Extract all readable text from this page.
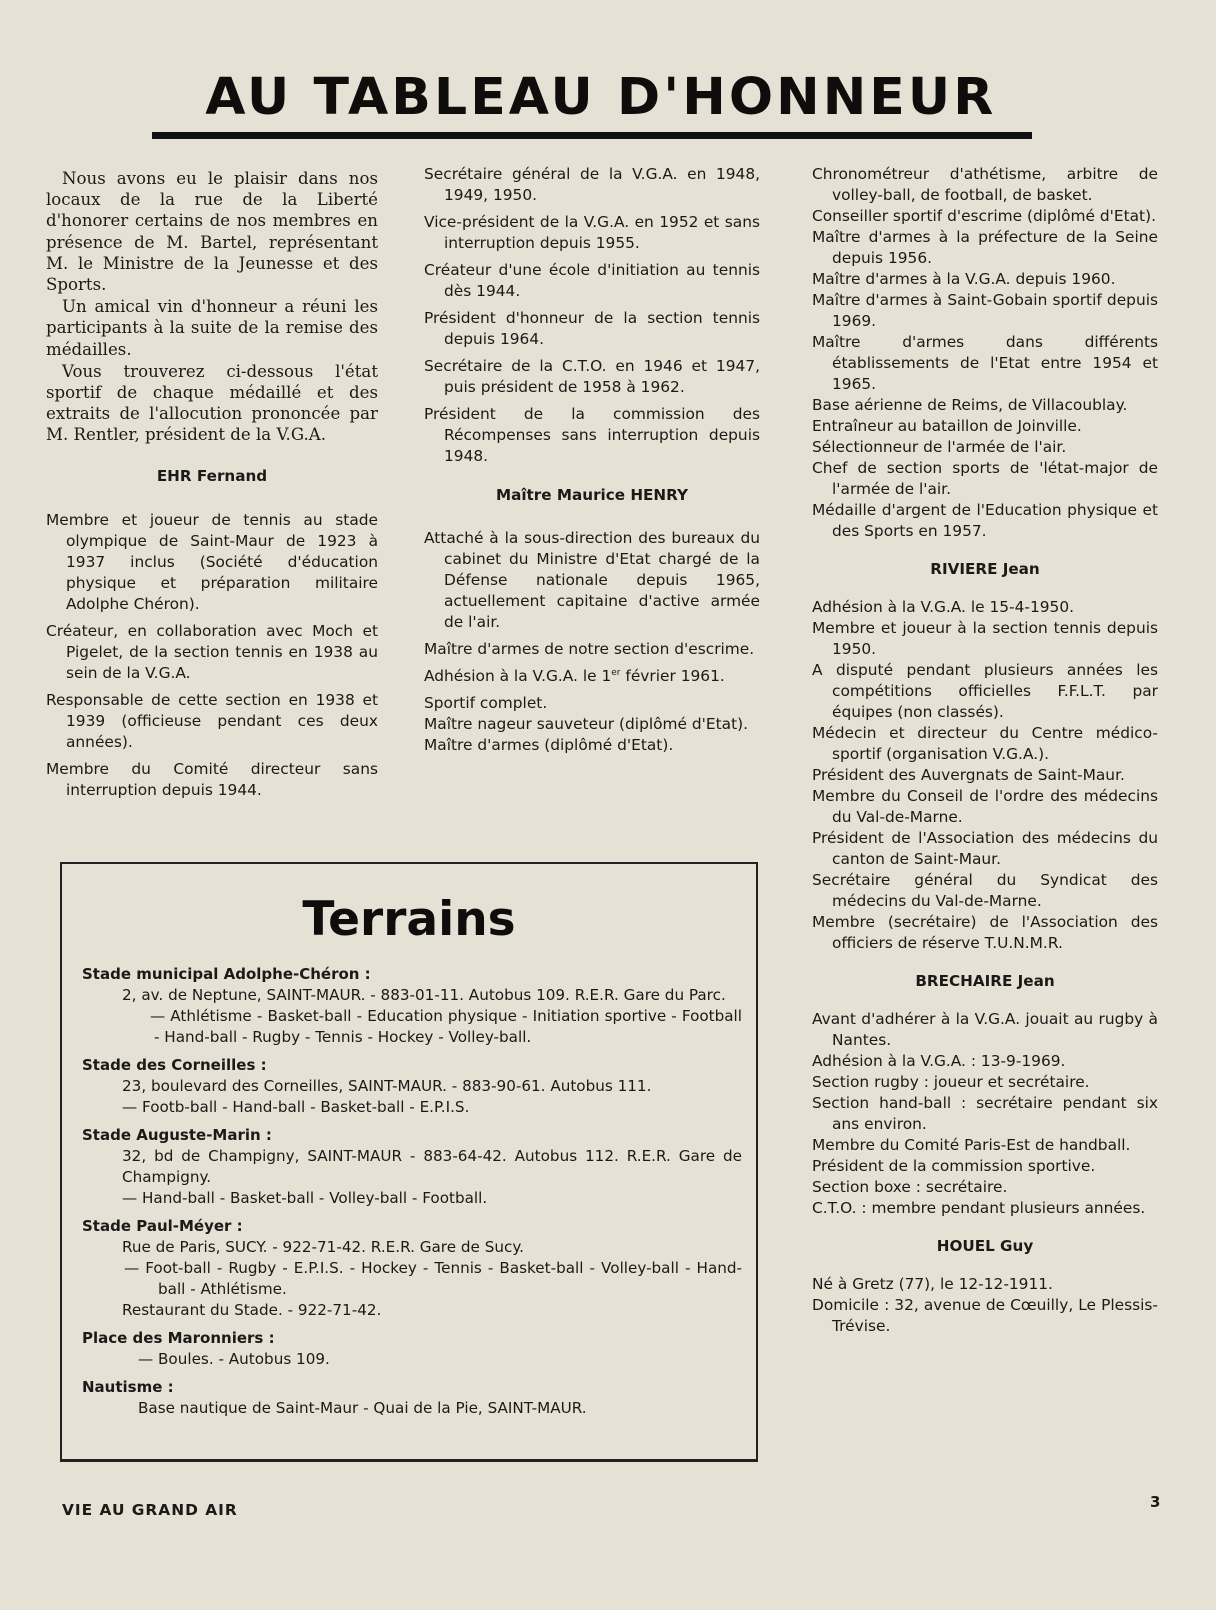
AU TABLEAU D'HONNEUR

Nous avons eu le plaisir dans nos locaux de la rue de la Liberté d'honorer certains de nos membres en présence de M. Bartel, représentant M. le Ministre de la Jeunesse et des Sports.

Un amical vin d'honneur a réuni les participants à la suite de la remise des médailles.

Vous trouverez ci-dessous l'état sportif de chaque médaillé et des extraits de l'allocution prononcée par M. Rentler, président de la V.G.A.

EHR Fernand

Membre et joueur de tennis au stade olympique de Saint-Maur de 1923 à 1937 inclus (Société d'éducation physique et préparation militaire Adolphe Chéron).

Créateur, en collaboration avec Moch et Pigelet, de la section tennis en 1938 au sein de la V.G.A.

Responsable de cette section en 1938 et 1939 (officieuse pendant ces deux années).

Membre du Comité directeur sans interruption depuis 1944.

Secrétaire général de la V.G.A. en 1948, 1949, 1950.

Vice-président de la V.G.A. en 1952 et sans interruption depuis 1955.

Créateur d'une école d'initiation au tennis dès 1944.

Président d'honneur de la section tennis depuis 1964.

Secrétaire de la C.T.O. en 1946 et 1947, puis président de 1958 à 1962.

Président de la commission des Récompenses sans interruption depuis 1948.

Maître Maurice HENRY

Attaché à la sous-direction des bureaux du cabinet du Ministre d'Etat chargé de la Défense nationale depuis 1965, actuellement capitaine d'active armée de l'air.

Maître d'armes de notre section d'escrime.

Adhésion à la V.G.A. le 1er février 1961.

Sportif complet.

Maître nageur sauveteur (diplômé d'Etat).

Maître d'armes (diplômé d'Etat).

Chronométreur d'athétisme, arbitre de volley-ball, de football, de basket.

Conseiller sportif d'escrime (diplômé d'Etat).

Maître d'armes à la préfecture de la Seine depuis 1956.

Maître d'armes à la V.G.A. depuis 1960.

Maître d'armes à Saint-Gobain sportif depuis 1969.

Maître d'armes dans différents établissements de l'Etat entre 1954 et 1965.

Base aérienne de Reims, de Villacoublay.

Entraîneur au bataillon de Joinville.

Sélectionneur de l'armée de l'air.

Chef de section sports de 'létat-major de l'armée de l'air.

Médaille d'argent de l'Education physique et des Sports en 1957.

RIVIERE Jean

Adhésion à la V.G.A. le 15-4-1950.

Membre et joueur à la section tennis depuis 1950.

A disputé pendant plusieurs années les compétitions officielles F.F.L.T. par équipes (non classés).

Médecin et directeur du Centre médico-sportif (organisation V.G.A.).

Président des Auvergnats de Saint-Maur.

Membre du Conseil de l'ordre des médecins du Val-de-Marne.

Président de l'Association des médecins du canton de Saint-Maur.

Secrétaire général du Syndicat des médecins du Val-de-Marne.

Membre (secrétaire) de l'Association des officiers de réserve T.U.N.M.R.

BRECHAIRE Jean

Avant d'adhérer à la V.G.A. jouait au rugby à Nantes.

Adhésion à la V.G.A. : 13-9-1969.

Section rugby : joueur et secrétaire.

Section hand-ball : secrétaire pendant six ans environ.

Membre du Comité Paris-Est de handball.

Président de la commission sportive.

Section boxe : secrétaire.

C.T.O. : membre pendant plusieurs années.

HOUEL Guy

Né à Gretz (77), le 12-12-1911.

Domicile : 32, avenue de Cœuilly, Le Plessis-Trévise.

Terrains
Stade municipal Adolphe-Chéron :
2, av. de Neptune, SAINT-MAUR. - 883-01-11. Autobus 109. R.E.R. Gare du Parc.
— Athlétisme - Basket-ball - Education physique - Initiation sportive - Football - Hand-ball - Rugby - Tennis - Hockey - Volley-ball.
Stade des Corneilles :
23, boulevard des Corneilles, SAINT-MAUR. - 883-90-61. Autobus 111.
— Footb-ball - Hand-ball - Basket-ball - E.P.I.S.
Stade Auguste-Marin :
32, bd de Champigny, SAINT-MAUR - 883-64-42. Autobus 112. R.E.R. Gare de Champigny.
— Hand-ball - Basket-ball - Volley-ball - Football.
Stade Paul-Méyer :
Rue de Paris, SUCY. - 922-71-42. R.E.R. Gare de Sucy.
— Foot-ball - Rugby - E.P.I.S. - Hockey - Tennis - Basket-ball - Volley-ball - Hand-ball - Athlétisme.
Restaurant du Stade. - 922-71-42.
Place des Maronniers :
— Boules. - Autobus 109.
Nautisme :
Base nautique de Saint-Maur - Quai de la Pie, SAINT-MAUR.
VIE AU GRAND AIR	3
